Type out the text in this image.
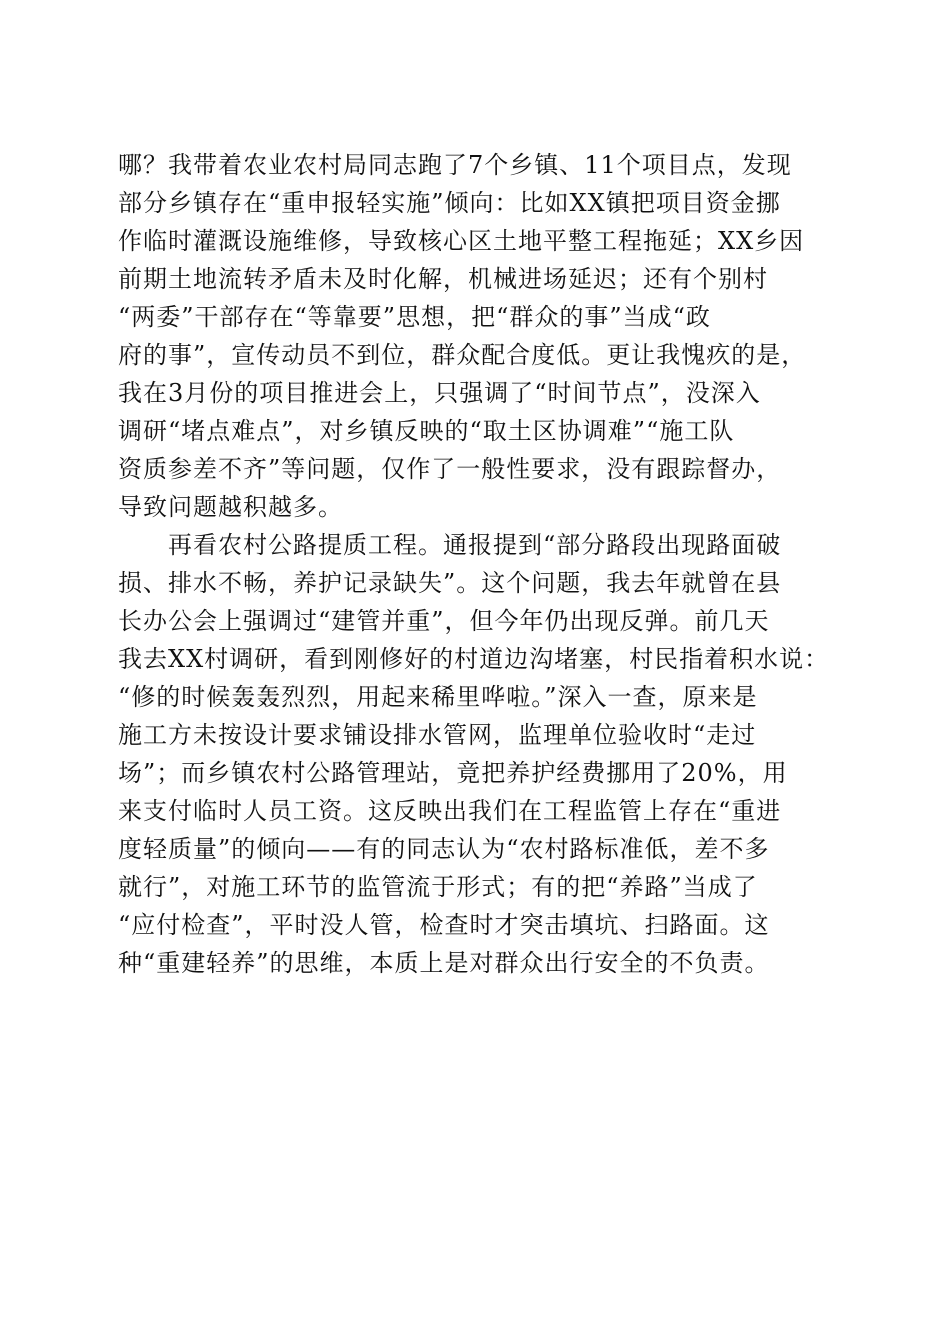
哪？我带着农业农村局同志跑了7个乡镇、11个项目点，发现
部分乡镇存在“重申报轻实施”倾向：比如XX镇把项目资金挪
作临时灌溉设施维修，导致核心区土地平整工程拖延；XX乡因
前期土地流转矛盾未及时化解，机械进场延迟；还有个别村
“两委”干部存在“等靠要”思想，把“群众的事”当成“政
府的事”，宣传动员不到位，群众配合度低。更让我愧疚的是，
我在3月份的项目推进会上，只强调了“时间节点”，没深入
调研“堵点难点”，对乡镇反映的“取土区协调难”“施工队
资质参差不齐”等问题，仅作了一般性要求，没有跟踪督办，
导致问题越积越多。
　　再看农村公路提质工程。通报提到“部分路段出现路面破
损、排水不畅，养护记录缺失”。这个问题，我去年就曾在县
长办公会上强调过“建管并重”，但今年仍出现反弹。前几天
我去XX村调研，看到刚修好的村道边沟堵塞，村民指着积水说：
“修的时候轰轰烈烈，用起来稀里哗啦。”深入一查，原来是
施工方未按设计要求铺设排水管网，监理单位验收时“走过
场”；而乡镇农村公路管理站，竟把养护经费挪用了20%，用
来支付临时人员工资。这反映出我们在工程监管上存在“重进
度轻质量”的倾向——有的同志认为“农村路标准低，差不多
就行”，对施工环节的监管流于形式；有的把“养路”当成了
“应付检查”，平时没人管，检查时才突击填坑、扫路面。这
种“重建轻养”的思维，本质上是对群众出行安全的不负责。
